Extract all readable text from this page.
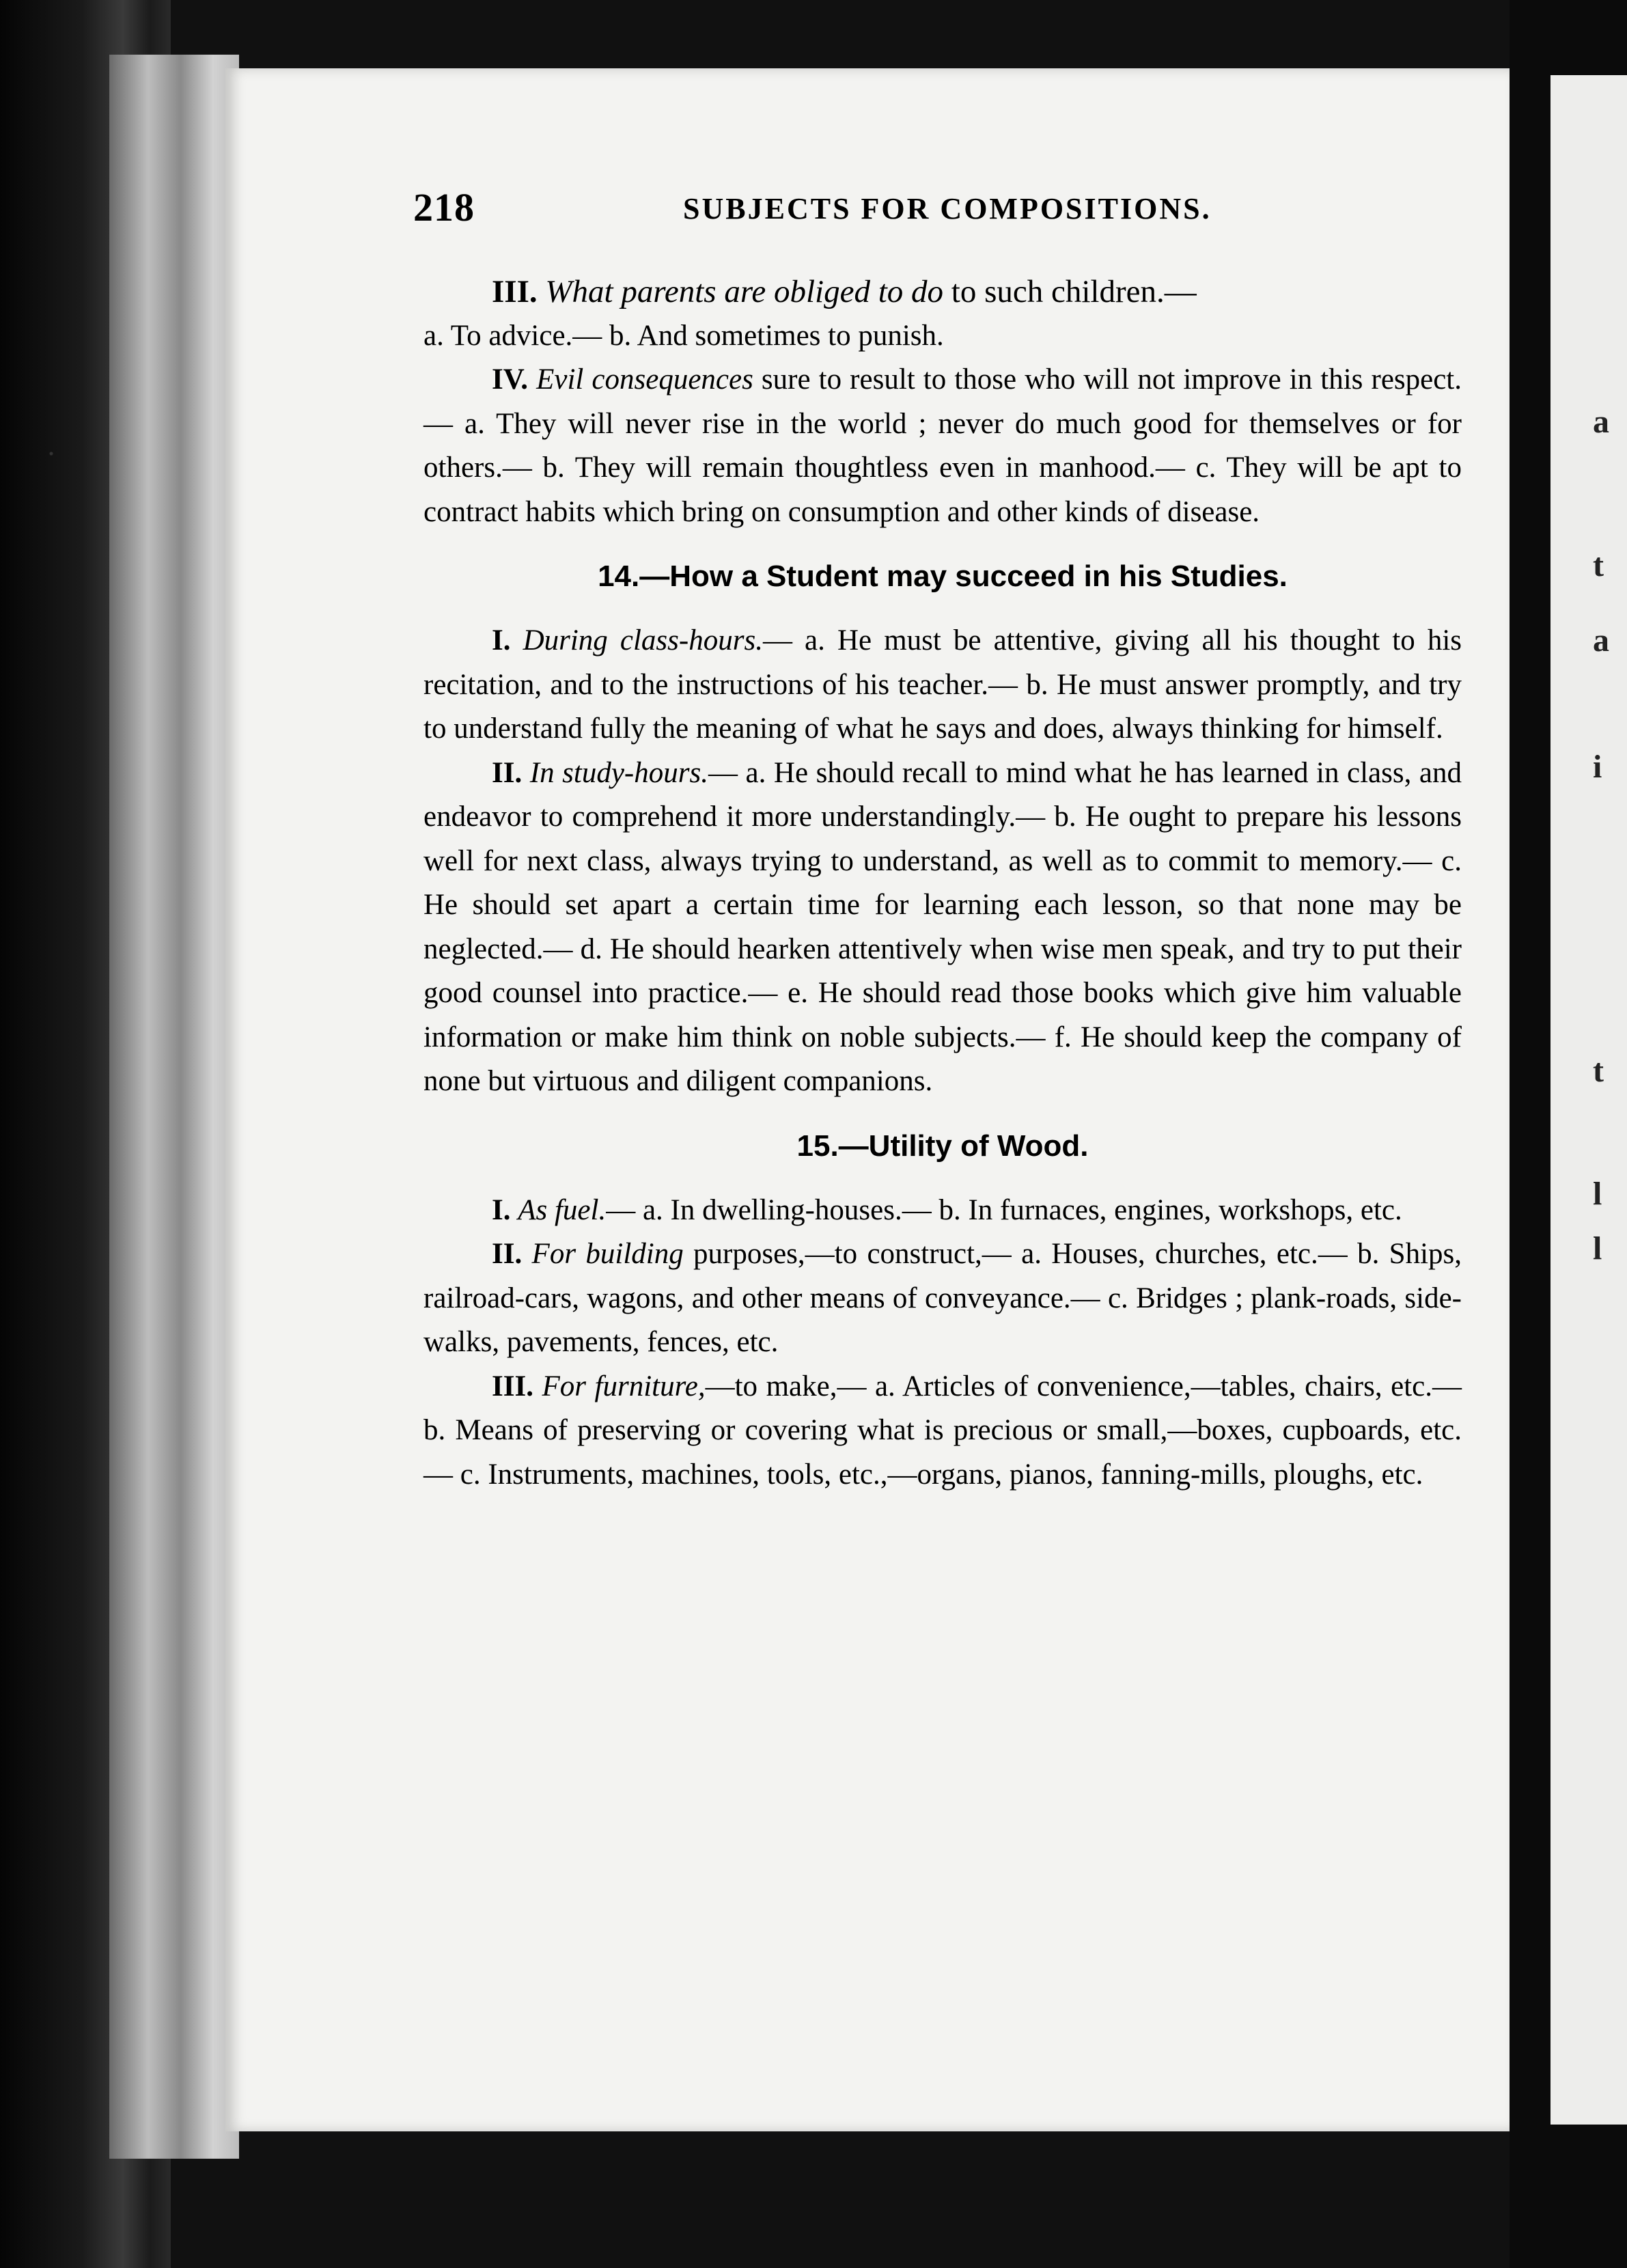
a
t
a
i
t
l
l
218	SUBJECTS FOR COMPOSITIONS.

III. What parents are obliged to do to such children.—

a. To advice.— b. And sometimes to punish.

IV. Evil consequences sure to result to those who will not improve in this respect.— a. They will never rise in the world ; never do much good for themselves or for others.— b. They will remain thoughtless even in manhood.— c. They will be apt to contract habits which bring on consumption and other kinds of disease.

14.—How a Student may succeed in his Studies.

I. During class-hours.— a. He must be attentive, giving all his thought to his recitation, and to the instructions of his teacher.— b. He must answer promptly, and try to understand fully the meaning of what he says and does, always thinking for himself.

II. In study-hours.— a. He should recall to mind what he has learned in class, and endeavor to comprehend it more understandingly.— b. He ought to prepare his lessons well for next class, always trying to understand, as well as to commit to memory.— c. He should set apart a certain time for learning each lesson, so that none may be neglected.— d. He should hearken attentively when wise men speak, and try to put their good counsel into practice.— e. He should read those books which give him valuable information or make him think on noble subjects.— f. He should keep the company of none but virtuous and diligent companions.

15.—Utility of Wood.

I. As fuel.— a. In dwelling-houses.— b. In furnaces, engines, workshops, etc.

II. For building purposes,—to construct,— a. Houses, churches, etc.— b. Ships, railroad-cars, wagons, and other means of conveyance.— c. Bridges ; plank-roads, side-walks, pavements, fences, etc.

III. For furniture,—to make,— a. Articles of convenience,—tables, chairs, etc.— b. Means of preserving or covering what is precious or small,—boxes, cupboards, etc.— c. Instruments, machines, tools, etc.,—organs, pianos, fanning-mills, ploughs, etc.
